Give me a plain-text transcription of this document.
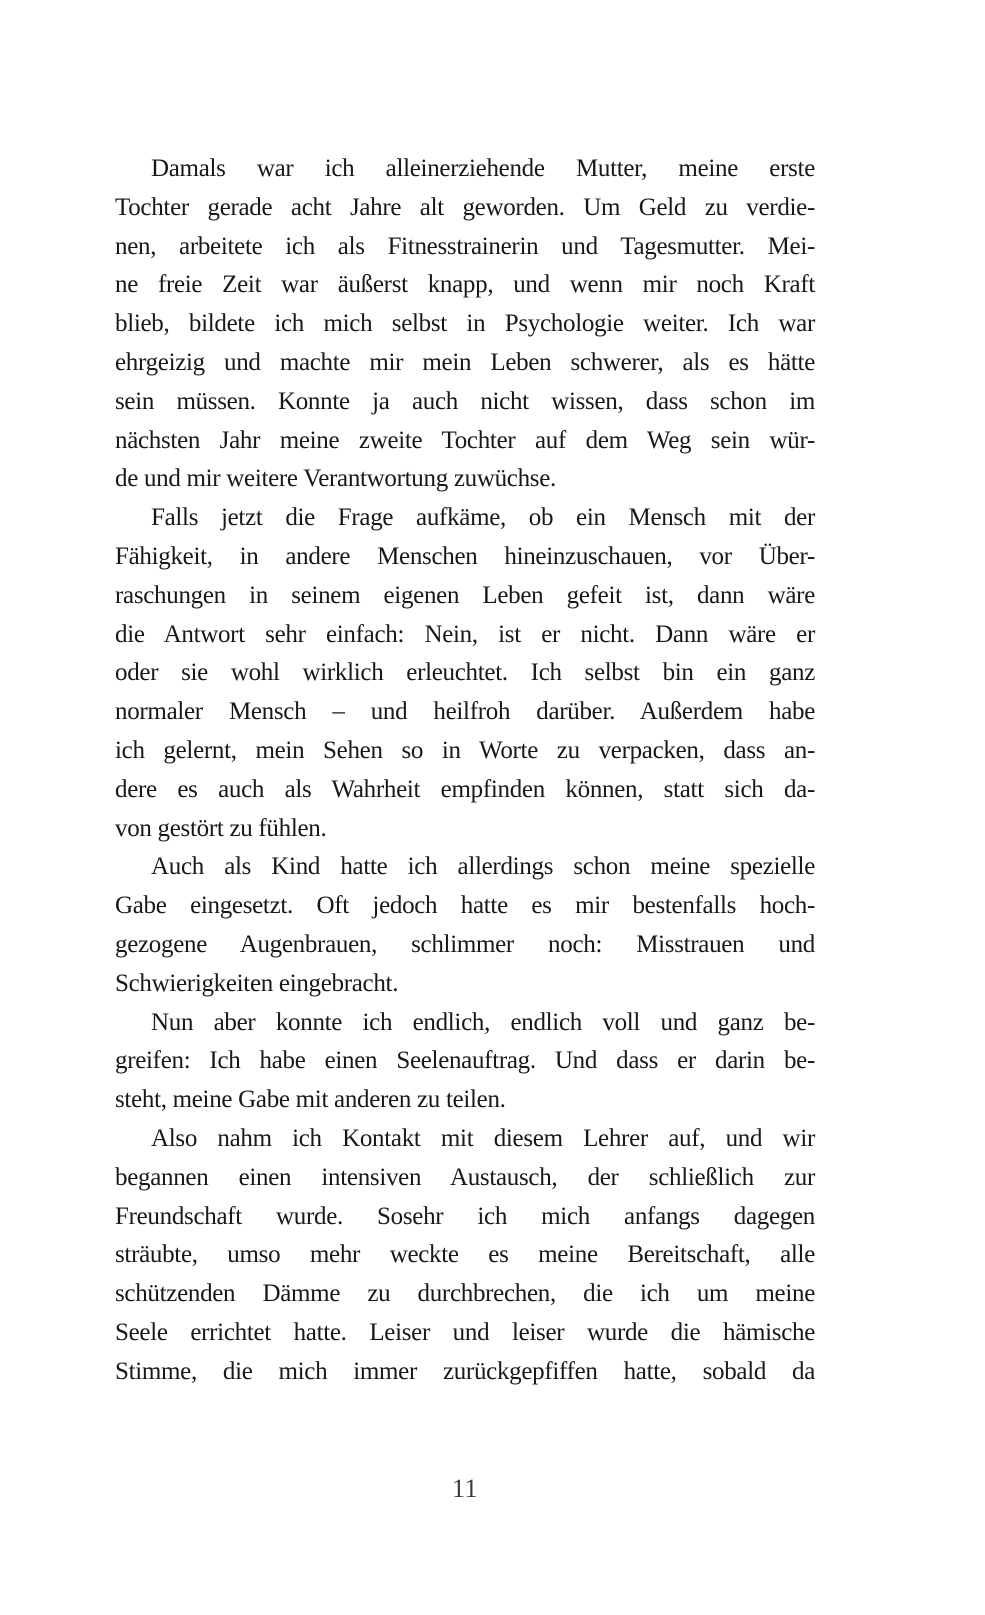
Damals war ich alleinerziehende Mutter, meine erste
Tochter gerade acht Jahre alt geworden. Um Geld zu verdie-
nen, arbeitete ich als Fitnesstrainerin und Tagesmutter. Mei-
ne freie Zeit war äußerst knapp, und wenn mir noch Kraft
blieb, bildete ich mich selbst in Psychologie weiter. Ich war
ehrgeizig und machte mir mein Leben schwerer, als es hätte
sein müssen. Konnte ja auch nicht wissen, dass schon im
nächsten Jahr meine zweite Tochter auf dem Weg sein wür-
de und mir weitere Verantwortung zuwüchse.
Falls jetzt die Frage aufkäme, ob ein Mensch mit der
Fähigkeit, in andere Menschen hineinzuschauen, vor Über-
raschungen in seinem eigenen Leben gefeit ist, dann wäre
die Antwort sehr einfach: Nein, ist er nicht. Dann wäre er
oder sie wohl wirklich erleuchtet. Ich selbst bin ein ganz
normaler Mensch – und heilfroh darüber. Außerdem habe
ich gelernt, mein Sehen so in Worte zu verpacken, dass an-
dere es auch als Wahrheit empfinden können, statt sich da-
von gestört zu fühlen.
Auch als Kind hatte ich allerdings schon meine spezielle
Gabe eingesetzt. Oft jedoch hatte es mir bestenfalls hoch-
gezogene Augenbrauen, schlimmer noch: Misstrauen und
Schwierigkeiten eingebracht.
Nun aber konnte ich endlich, endlich voll und ganz be-
greifen: Ich habe einen Seelenauftrag. Und dass er darin be-
steht, meine Gabe mit anderen zu teilen.
Also nahm ich Kontakt mit diesem Lehrer auf, und wir
begannen einen intensiven Austausch, der schließlich zur
Freundschaft wurde. Sosehr ich mich anfangs dagegen
sträubte, umso mehr weckte es meine Bereitschaft, alle
schützenden Dämme zu durchbrechen, die ich um meine
Seele errichtet hatte. Leiser und leiser wurde die hämische
Stimme, die mich immer zurückgepfiffen hatte, sobald da
11
